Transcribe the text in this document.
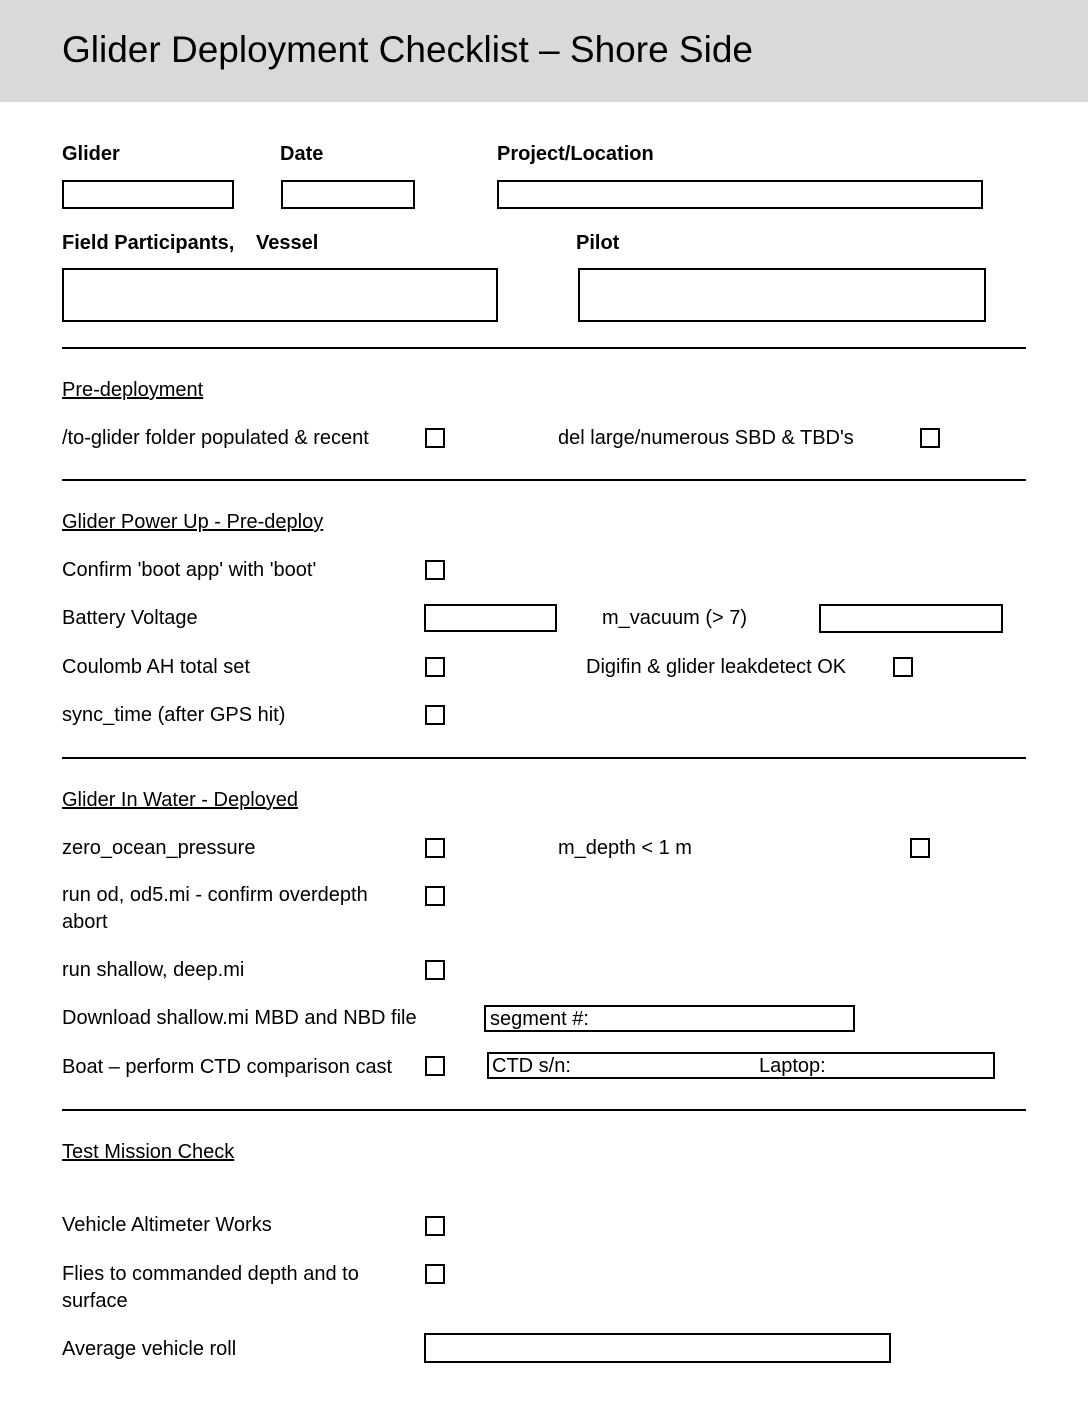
Glider Deployment Checklist – Shore Side
Glider	Date	Project/Location
Field Participants, Vessel	Pilot
Pre-deployment
/to-glider folder populated & recent	del large/numerous SBD & TBD's
Glider Power Up - Pre-deploy
Confirm 'boot app' with 'boot'
Battery Voltage	m_vacuum (> 7)
Coulomb AH total set	Digifin & glider leakdetect OK
sync_time (after GPS hit)
Glider In Water - Deployed
zero_ocean_pressure	m_depth < 1 m
run od, od5.mi - confirm overdepth abort
run shallow, deep.mi
Download shallow.mi MBD and NBD file	segment #:
Boat – perform CTD comparison cast	CTD s/n:	Laptop:
Test Mission Check
Vehicle Altimeter Works
Flies to commanded depth and to surface
Average vehicle roll
